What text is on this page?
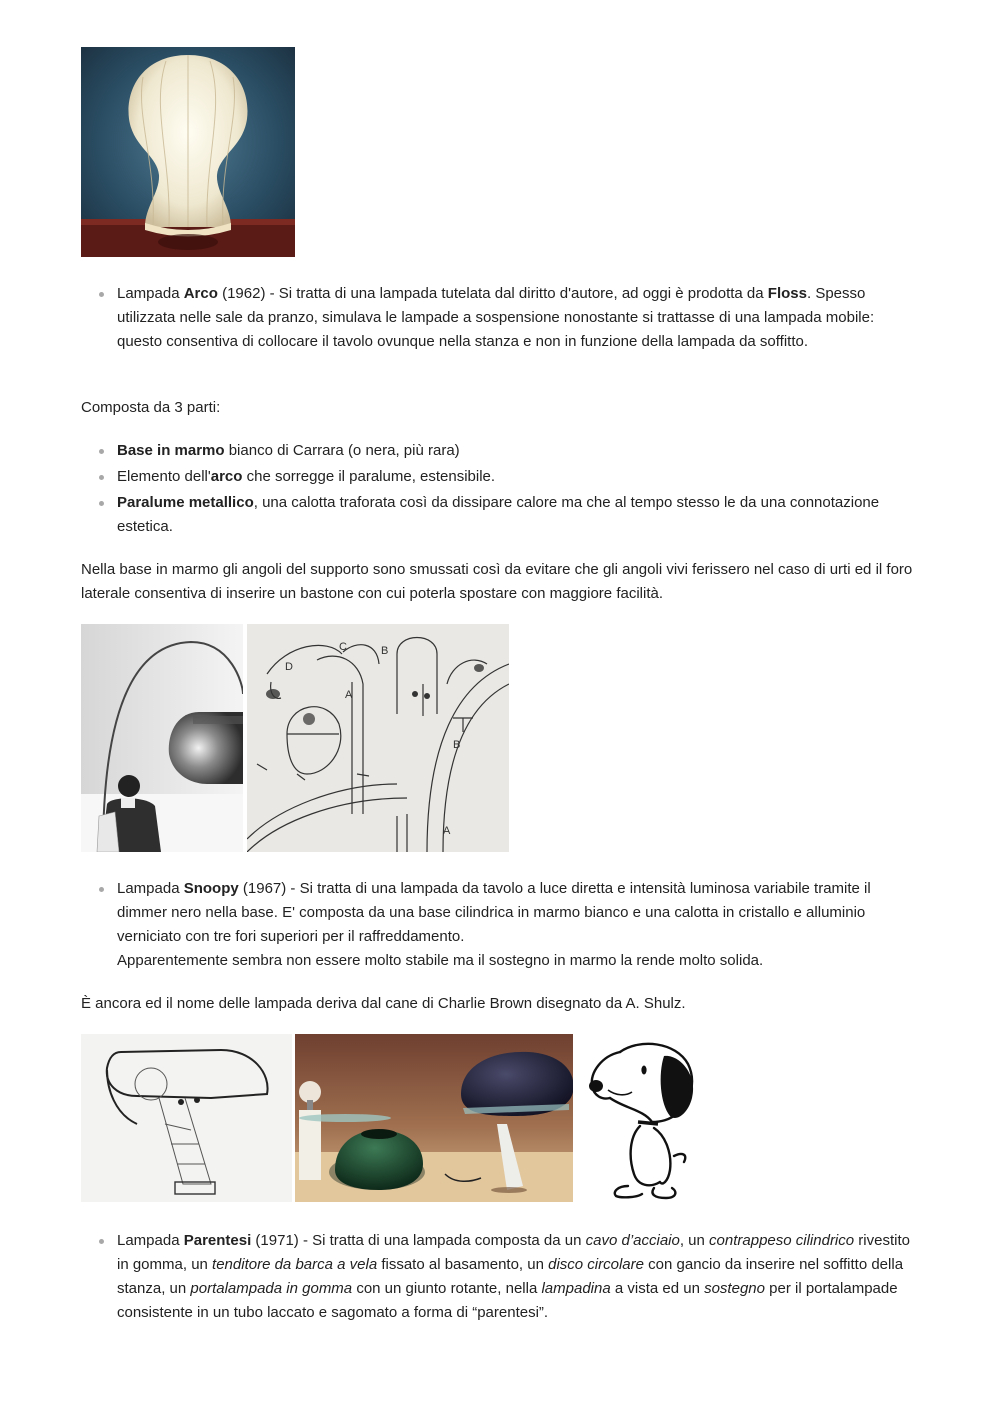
Lampada Arco (1962) - Si tratta di una lampada tutelata dal diritto d'autore, ad oggi è prodotta da Floss. Spesso utilizzata nelle sale da pranzo, simulava le lampade a sospensione nonostante si trattasse di una lampada mobile: questo consentiva di collocare il tavolo ovunque nella stanza e non in funzione della lampada da soffitto.

Composta da 3 parti:

Base in marmo bianco di Carrara (o nera, più rara)
Elemento dell'arco che sorregge il paralume, estensibile.
Paralume metallico, una calotta traforata così da dissipare calore ma che al tempo stesso le da una connotazione estetica.

Nella base in marmo gli angoli del supporto sono smussati così da evitare che gli angoli vivi ferissero nel caso di urti ed il foro laterale consentiva di inserire un bastone con cui poterla spostare con maggiore facilità.

D
C	B
A
B
A
Lampada Snoopy (1967) - Si tratta di una lampada da tavolo a luce diretta e intensità luminosa variabile tramite il dimmer nero nella base. E' composta da una base cilindrica in marmo bianco e una calotta in cristallo e alluminio verniciato con tre fori superiori per il raffreddamento.
Apparentemente sembra non essere molto stabile ma il sostegno in marmo la rende molto solida.

È ancora ed il nome delle lampada deriva dal cane di Charlie Brown disegnato da A. Shulz.

Lampada Parentesi (1971) - Si tratta di una lampada composta da un cavo d’acciaio, un contrappeso cilindrico rivestito in gomma, un tenditore da barca a vela fissato al basamento, un disco circolare con gancio da inserire nel soffitto della stanza, un portalampada in gomma con un giunto rotante, nella lampadina a vista ed un sostegno per il portalampade consistente in un tubo laccato e sagomato a forma di “parentesi”.
